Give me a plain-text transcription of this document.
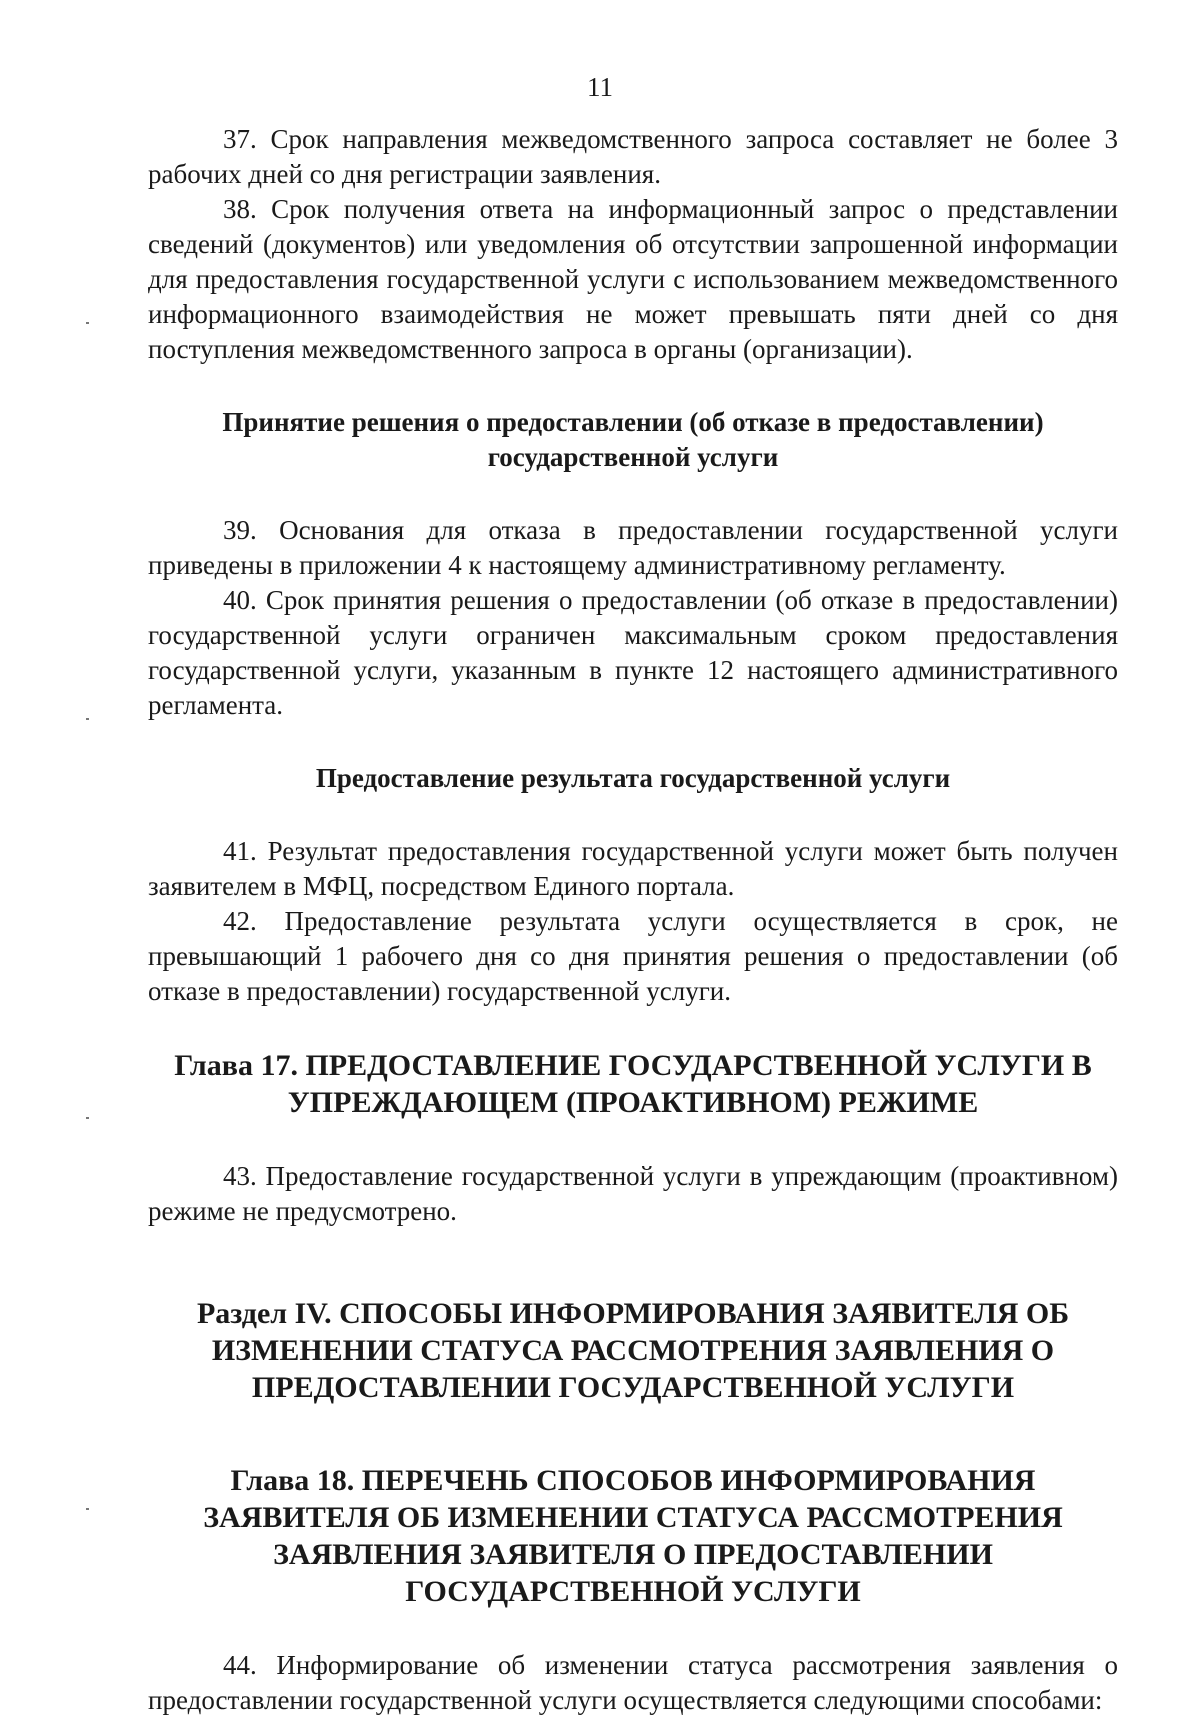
11

37. Срок направления межведомственного запроса составляет не более 3 рабочих дней со дня регистрации заявления.

38. Срок получения ответа на информационный запрос о представлении сведений (документов) или уведомления об отсутствии запрошенной информации для предоставления государственной услуги с использованием межведомственного информационного взаимодействия не может превышать пяти дней со дня поступления межведомственного запроса в органы (организации).

Принятие решения о предоставлении (об отказе в предоставлении) государственной услуги

39. Основания для отказа в предоставлении государственной услуги приведены в приложении 4 к настоящему административному регламенту.

40. Срок принятия решения о предоставлении (об отказе в предоставлении) государственной услуги ограничен максимальным сроком предоставления государственной услуги, указанным в пункте 12 настоящего административного регламента.

Предоставление результата государственной услуги

41. Результат предоставления государственной услуги может быть получен заявителем в МФЦ, посредством Единого портала.

42. Предоставление результата услуги осуществляется в срок, не превышающий 1 рабочего дня со дня принятия решения о предоставлении (об отказе в предоставлении) государственной услуги.

Глава 17. ПРЕДОСТАВЛЕНИЕ ГОСУДАРСТВЕННОЙ УСЛУГИ В УПРЕЖДАЮЩЕМ (ПРОАКТИВНОМ) РЕЖИМЕ

43. Предоставление государственной услуги в упреждающим (проактивном) режиме не предусмотрено.

Раздел IV. СПОСОБЫ ИНФОРМИРОВАНИЯ ЗАЯВИТЕЛЯ ОБ ИЗМЕНЕНИИ СТАТУСА РАССМОТРЕНИЯ ЗАЯВЛЕНИЯ О ПРЕДОСТАВЛЕНИИ ГОСУДАРСТВЕННОЙ УСЛУГИ
Глава 18. ПЕРЕЧЕНЬ СПОСОБОВ ИНФОРМИРОВАНИЯ ЗАЯВИТЕЛЯ ОБ ИЗМЕНЕНИИ СТАТУСА РАССМОТРЕНИЯ ЗАЯВЛЕНИЯ ЗАЯВИТЕЛЯ О ПРЕДОСТАВЛЕНИИ ГОСУДАРСТВЕННОЙ УСЛУГИ

44. Информирование об изменении статуса рассмотрения заявления о предоставлении государственной услуги осуществляется следующими способами:
